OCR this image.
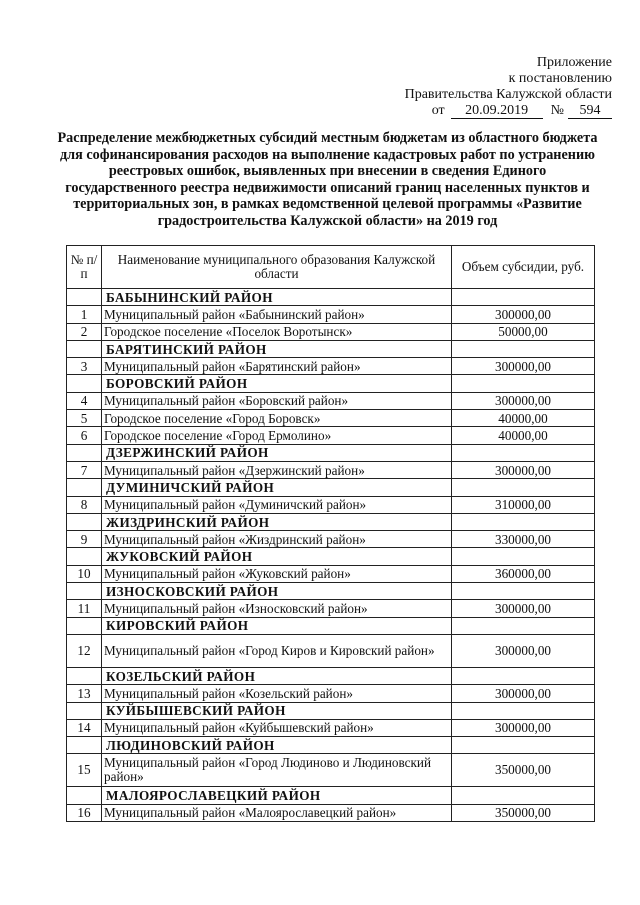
Приложение
к постановлению
Правительства Калужской области
от	20.09.2019	№	594
Распределение межбюджетных субсидий местным бюджетам из областного бюджета для софинансирования расходов на выполнение кадастровых работ по устранению реестровых ошибок, выявленных при внесении в сведения Единого государственного реестра недвижимости описаний границ населенных пунктов и территориальных зон, в рамках ведомственной целевой программы «Развитие градостроительства Калужской области» на 2019 год
№ п/п	Наименование муниципального образования Калужской области	Объем субсидии, руб.
	БАБЫНИНСКИЙ РАЙОН	
1	Муниципальный район «Бабынинский район»	300000,00
2	Городское поселение «Поселок Воротынск»	50000,00
	БАРЯТИНСКИЙ РАЙОН	
3	Муниципальный район «Барятинский район»	300000,00
	БОРОВСКИЙ РАЙОН	
4	Муниципальный район «Боровский район»	300000,00
5	Городское поселение «Город Боровск»	40000,00
6	Городское поселение «Город Ермолино»	40000,00
	ДЗЕРЖИНСКИЙ РАЙОН	
7	Муниципальный район «Дзержинский район»	300000,00
	ДУМИНИЧСКИЙ РАЙОН	
8	Муниципальный район «Думиничский район»	310000,00
	ЖИЗДРИНСКИЙ РАЙОН	
9	Муниципальный район «Жиздринский район»	330000,00
	ЖУКОВСКИЙ РАЙОН	
10	Муниципальный район «Жуковский район»	360000,00
	ИЗНОСКОВСКИЙ РАЙОН	
11	Муниципальный район «Износковский район»	300000,00
	КИРОВСКИЙ РАЙОН	
12	Муниципальный район «Город Киров и Кировский район»	300000,00
	КОЗЕЛЬСКИЙ РАЙОН	
13	Муниципальный район «Козельский район»	300000,00
	КУЙБЫШЕВСКИЙ РАЙОН	
14	Муниципальный район «Куйбышевский район»	300000,00
	ЛЮДИНОВСКИЙ РАЙОН	
15	Муниципальный район «Город Людиново и Людиновский район»	350000,00
	МАЛОЯРОСЛАВЕЦКИЙ РАЙОН	
16	Муниципальный район «Малоярославецкий район»	350000,00
